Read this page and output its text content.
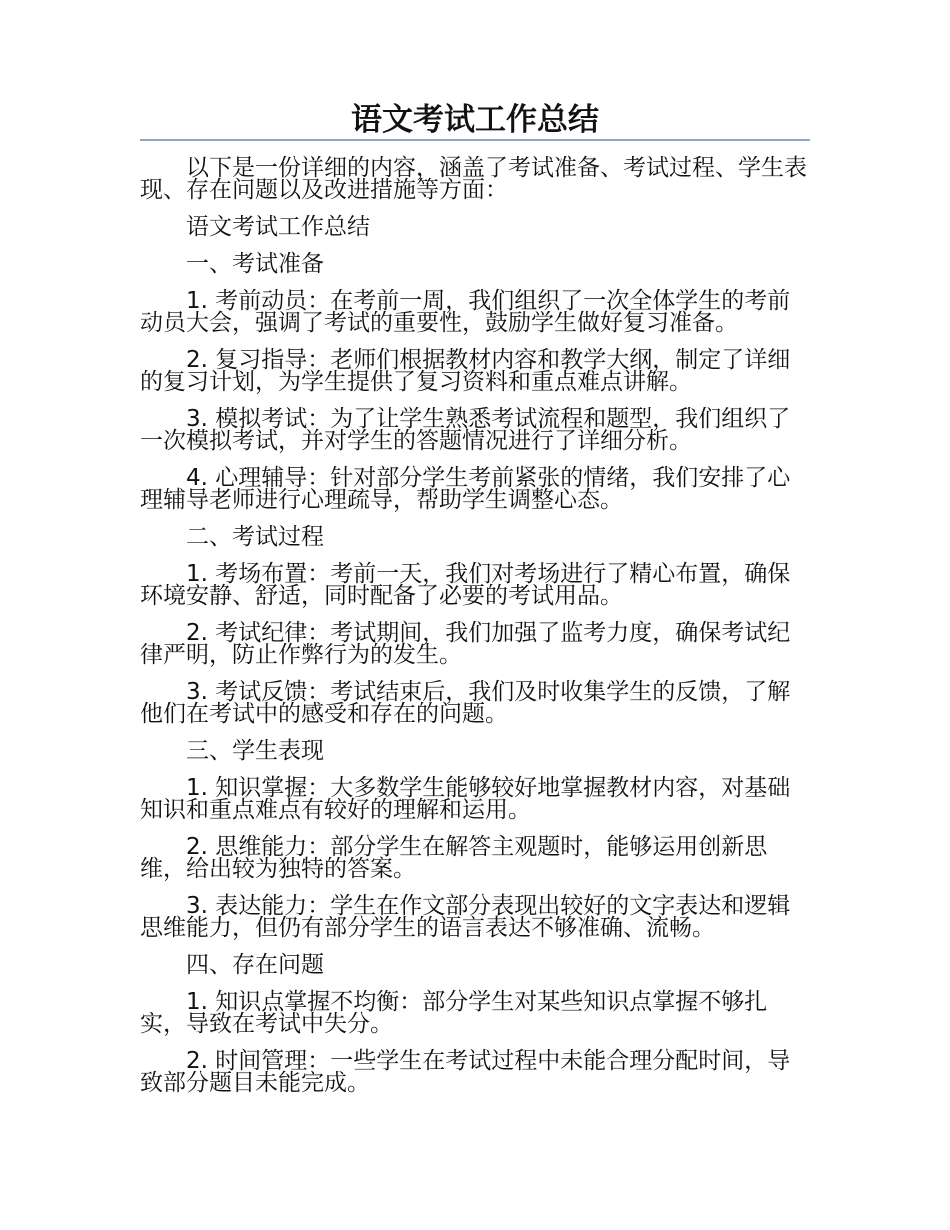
语文考试工作总结

以下是一份详细的内容，涵盖了考试准备、考试过程、学生表现、存在问题以及改进措施等方面：

语文考试工作总结

一、考试准备

1. 考前动员：在考前一周，我们组织了一次全体学生的考前动员大会，强调了考试的重要性，鼓励学生做好复习准备。

2. 复习指导：老师们根据教材内容和教学大纲，制定了详细的复习计划，为学生提供了复习资料和重点难点讲解。

3. 模拟考试：为了让学生熟悉考试流程和题型，我们组织了一次模拟考试，并对学生的答题情况进行了详细分析。

4. 心理辅导：针对部分学生考前紧张的情绪，我们安排了心理辅导老师进行心理疏导，帮助学生调整心态。

二、考试过程

1. 考场布置：考前一天，我们对考场进行了精心布置，确保环境安静、舒适，同时配备了必要的考试用品。

2. 考试纪律：考试期间，我们加强了监考力度，确保考试纪律严明，防止作弊行为的发生。

3. 考试反馈：考试结束后，我们及时收集学生的反馈，了解他们在考试中的感受和存在的问题。

三、学生表现

1. 知识掌握：大多数学生能够较好地掌握教材内容，对基础知识和重点难点有较好的理解和运用。

2. 思维能力：部分学生在解答主观题时，能够运用创新思维，给出较为独特的答案。

3. 表达能力：学生在作文部分表现出较好的文字表达和逻辑思维能力，但仍有部分学生的语言表达不够准确、流畅。

四、存在问题

1. 知识点掌握不均衡：部分学生对某些知识点掌握不够扎实，导致在考试中失分。

2. 时间管理：一些学生在考试过程中未能合理分配时间，导致部分题目未能完成。
